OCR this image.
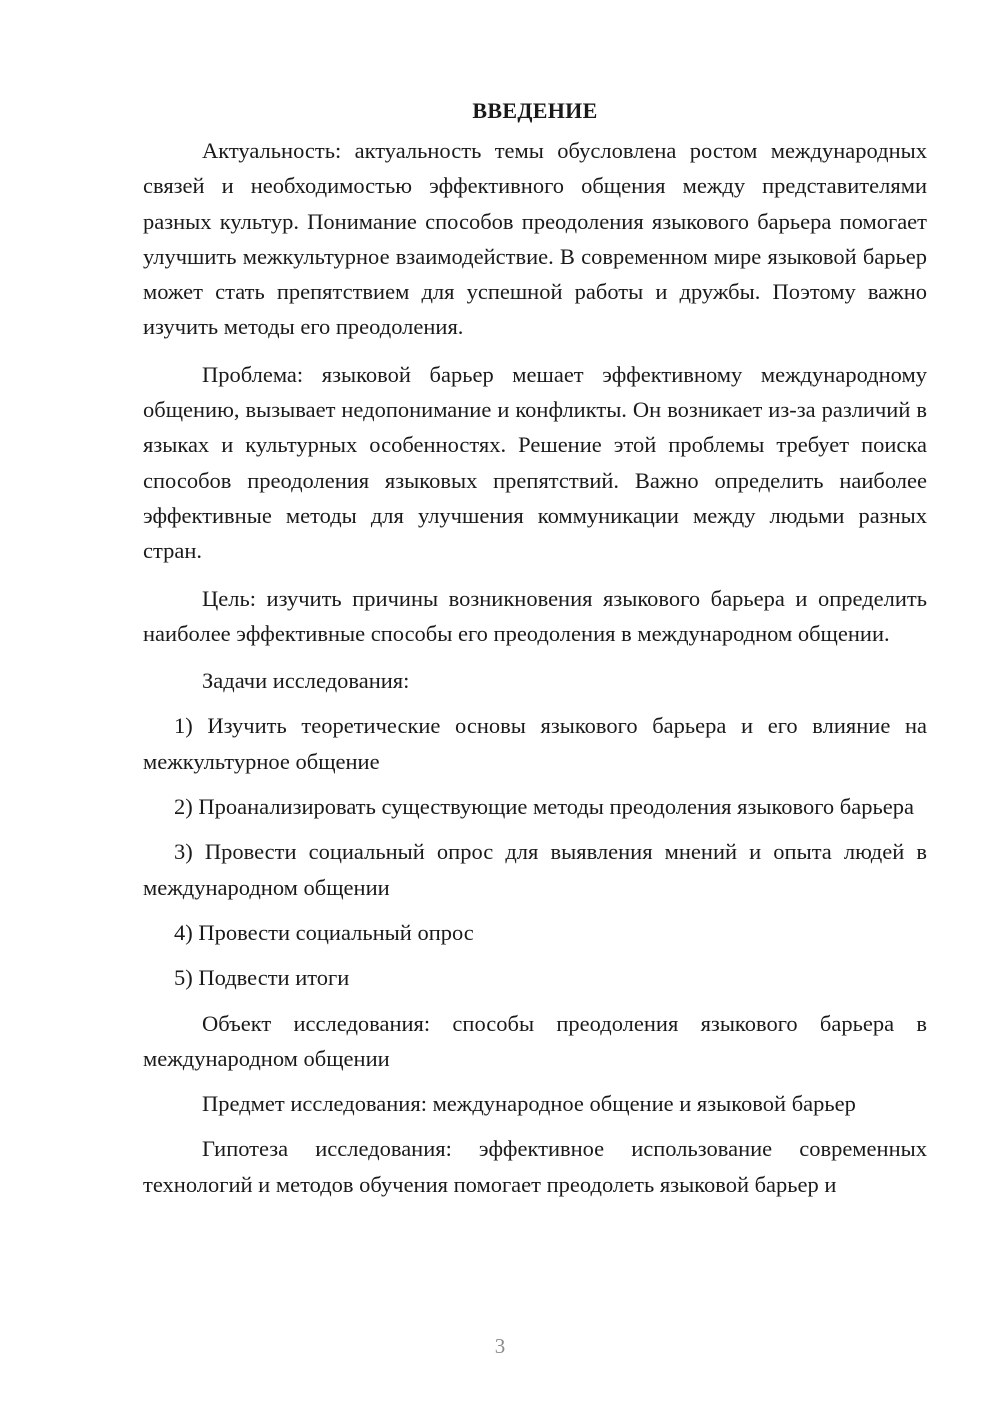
ВВЕДЕНИЕ

Актуальность: актуальность темы обусловлена ростом международных связей и необходимостью эффективного общения между представителями разных культур. Понимание способов преодоления языкового барьера помогает улучшить межкультурное взаимодействие. В современном мире языковой барьер может стать препятствием для успешной работы и дружбы. Поэтому важно изучить методы его преодоления.

Проблема: языковой барьер мешает эффективному международному общению, вызывает недопонимание и конфликты. Он возникает из-за различий в языках и культурных особенностях. Решение этой проблемы требует поиска способов преодоления языковых препятствий. Важно определить наиболее эффективные методы для улучшения коммуникации между людьми разных стран.

Цель: изучить причины возникновения языкового барьера и определить наиболее эффективные способы его преодоления в международном общении.

Задачи исследования:

1) Изучить теоретические основы языкового барьера и его влияние на межкультурное общение

2) Проанализировать существующие методы преодоления языкового барьера

3) Провести социальный опрос для выявления мнений и опыта людей в международном общении

4) Провести социальный опрос

5) Подвести итоги

Объект исследования: способы преодоления языкового барьера в международном общении

Предмет исследования: международное общение и языковой барьер

Гипотеза исследования: эффективное использование современных технологий и методов обучения помогает преодолеть языковой барьер и

3
